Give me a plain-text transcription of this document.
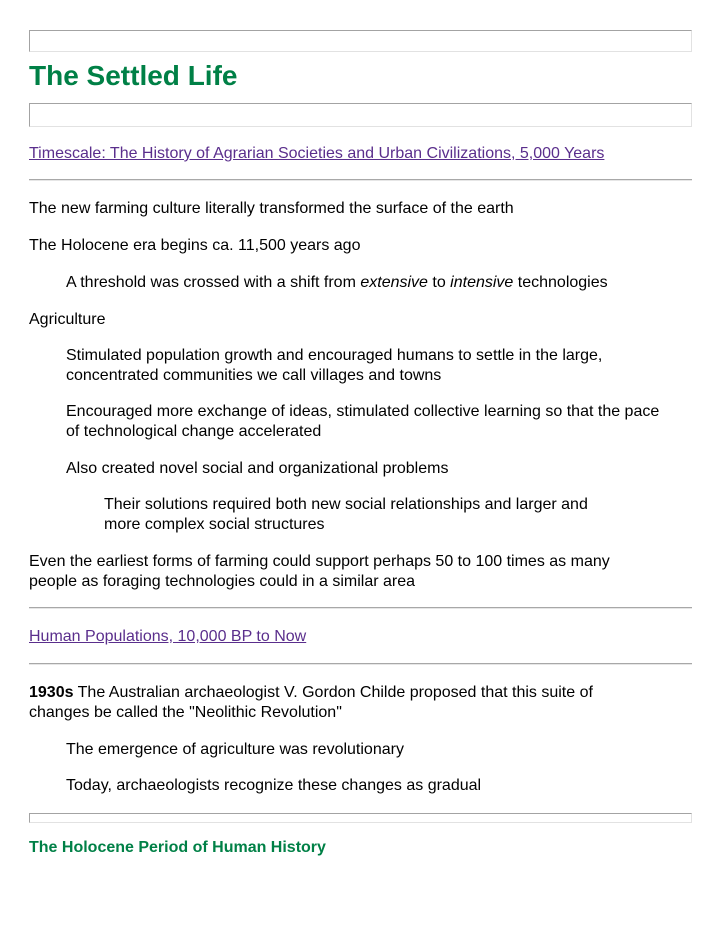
The Settled Life
Timescale: The History of Agrarian Societies and Urban Civilizations, 5,000 Years

The new farming culture literally transformed the surface of the earth

The Holocene era begins ca. 11,500 years ago

A threshold was crossed with a shift from extensive to intensive technologies

Agriculture

Stimulated population growth and encouraged humans to settle in the large, concentrated communities we call villages and towns

Encouraged more exchange of ideas, stimulated collective learning so that the pace of technological change accelerated

Also created novel social and organizational problems

Their solutions required both new social relationships and larger and more complex social structures

Even the earliest forms of farming could support perhaps 50 to 100 times as many people as foraging technologies could in a similar area

Human Populations, 10,000 BP to Now

1930s The Australian archaeologist V. Gordon Childe proposed that this suite of changes be called the "Neolithic Revolution"

The emergence of agriculture was revolutionary

Today, archaeologists recognize these changes as gradual

The Holocene Period of Human History
